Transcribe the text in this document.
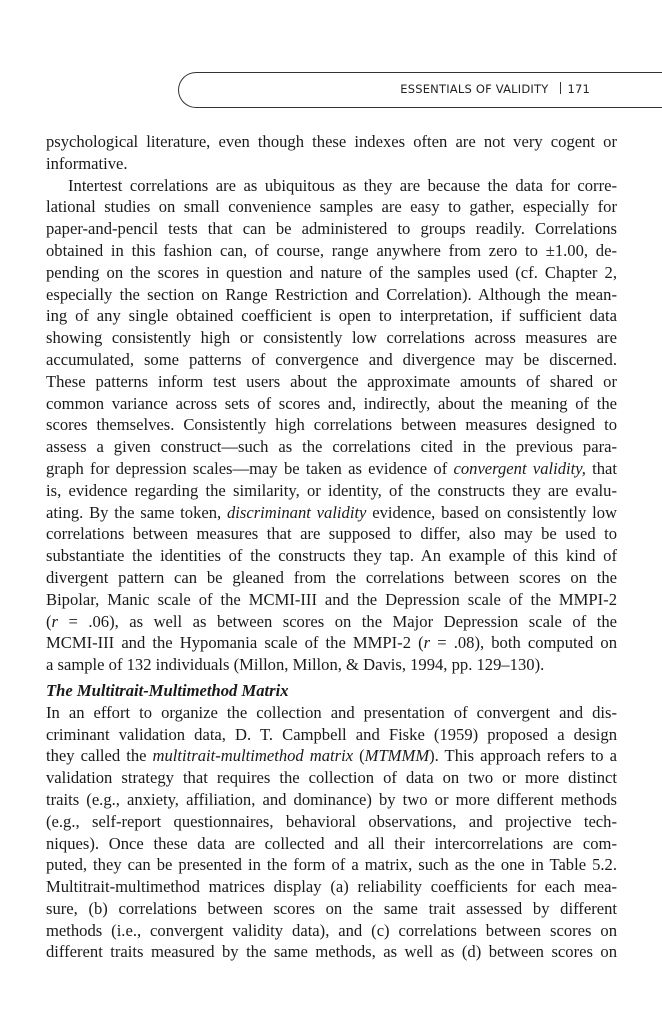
ESSENTIALS OF VALIDITY 171
psychological literature, even though these indexes often are not very cogent or
informative.
Intertest correlations are as ubiquitous as they are because the data for corre-
lational studies on small convenience samples are easy to gather, especially for
paper-and-pencil tests that can be administered to groups readily. Correlations
obtained in this fashion can, of course, range anywhere from zero to ±1.00, de-
pending on the scores in question and nature of the samples used (cf. Chapter 2,
especially the section on Range Restriction and Correlation). Although the mean-
ing of any single obtained coefficient is open to interpretation, if sufficient data
showing consistently high or consistently low correlations across measures are
accumulated, some patterns of convergence and divergence may be discerned.
These patterns inform test users about the approximate amounts of shared or
common variance across sets of scores and, indirectly, about the meaning of the
scores themselves. Consistently high correlations between measures designed to
assess a given construct—such as the correlations cited in the previous para-
graph for depression scales—may be taken as evidence of convergent validity, that
is, evidence regarding the similarity, or identity, of the constructs they are evalu-
ating. By the same token, discriminant validity evidence, based on consistently low
correlations between measures that are supposed to differ, also may be used to
substantiate the identities of the constructs they tap. An example of this kind of
divergent pattern can be gleaned from the correlations between scores on the
Bipolar, Manic scale of the MCMI-III and the Depression scale of the MMPI-2
(r = .06), as well as between scores on the Major Depression scale of the
MCMI-III and the Hypomania scale of the MMPI-2 (r = .08), both computed on
a sample of 132 individuals (Millon, Millon, & Davis, 1994, pp. 129–130).
The Multitrait-Multimethod Matrix
In an effort to organize the collection and presentation of convergent and dis-
criminant validation data, D. T. Campbell and Fiske (1959) proposed a design
they called the multitrait-multimethod matrix (MTMMM). This approach refers to a
validation strategy that requires the collection of data on two or more distinct
traits (e.g., anxiety, affiliation, and dominance) by two or more different methods
(e.g., self-report questionnaires, behavioral observations, and projective tech-
niques). Once these data are collected and all their intercorrelations are com-
puted, they can be presented in the form of a matrix, such as the one in Table 5.2.
Multitrait-multimethod matrices display (a) reliability coefficients for each mea-
sure, (b) correlations between scores on the same trait assessed by different
methods (i.e., convergent validity data), and (c) correlations between scores on
different traits measured by the same methods, as well as (d) between scores on
